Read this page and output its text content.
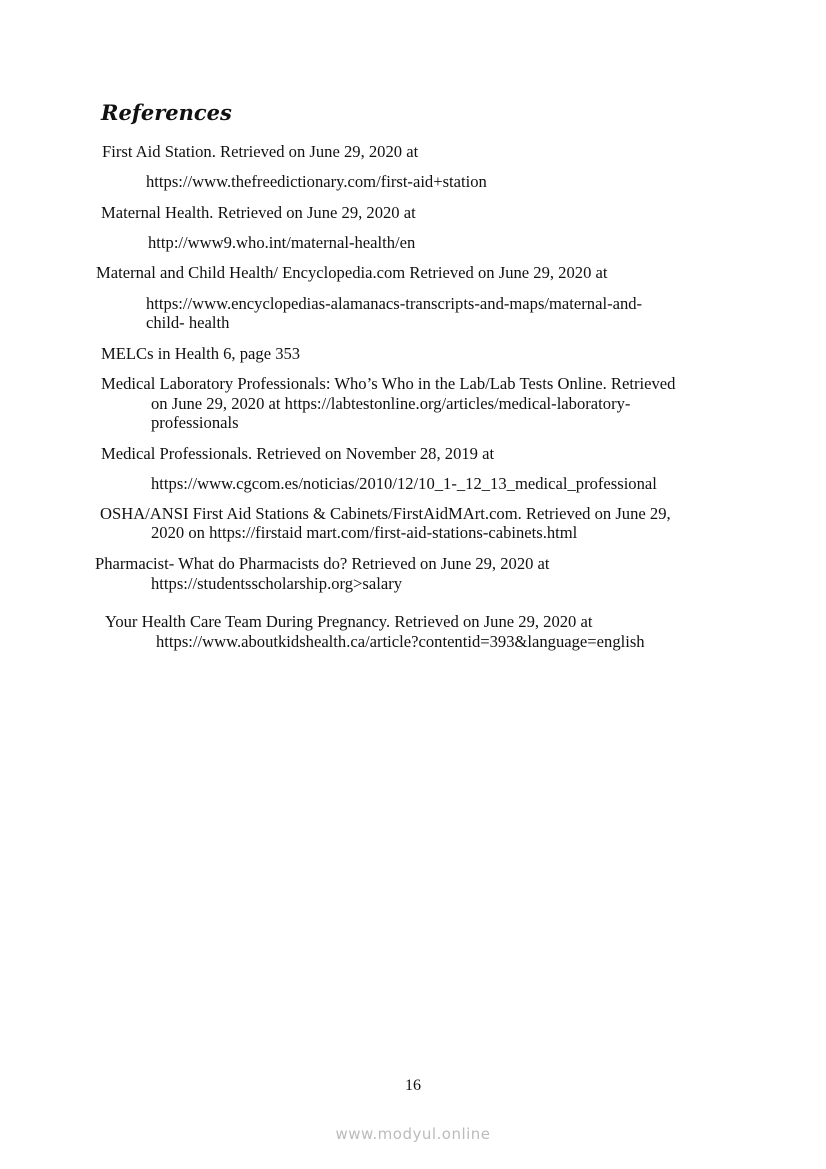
References
First Aid Station. Retrieved on June 29, 2020 at
https://www.thefreedictionary.com/first-aid+station
Maternal Health. Retrieved on June 29, 2020 at
http://www9.who.int/maternal-health/en
Maternal and Child Health/ Encyclopedia.com Retrieved on June 29, 2020 at
https://www.encyclopedias-alamanacs-transcripts-and-maps/maternal-and-
child- health
MELCs in Health 6, page 353
Medical Laboratory Professionals: Who’s Who in the Lab/Lab Tests Online. Retrieved
on June 29, 2020 at https://labtestonline.org/articles/medical-laboratory-
professionals
Medical Professionals. Retrieved on November 28, 2019 at
https://www.cgcom.es/noticias/2010/12/10_1-_12_13_medical_professional
OSHA/ANSI First Aid Stations & Cabinets/FirstAidMArt.com. Retrieved on June 29,
2020 on https://firstaid mart.com/first-aid-stations-cabinets.html
Pharmacist- What do Pharmacists do? Retrieved on June 29, 2020 at
https://studentsscholarship.org>salary
Your Health Care Team During Pregnancy. Retrieved on June 29, 2020 at
https://www.aboutkidshealth.ca/article?contentid=393&language=english
16
www.modyul.online
